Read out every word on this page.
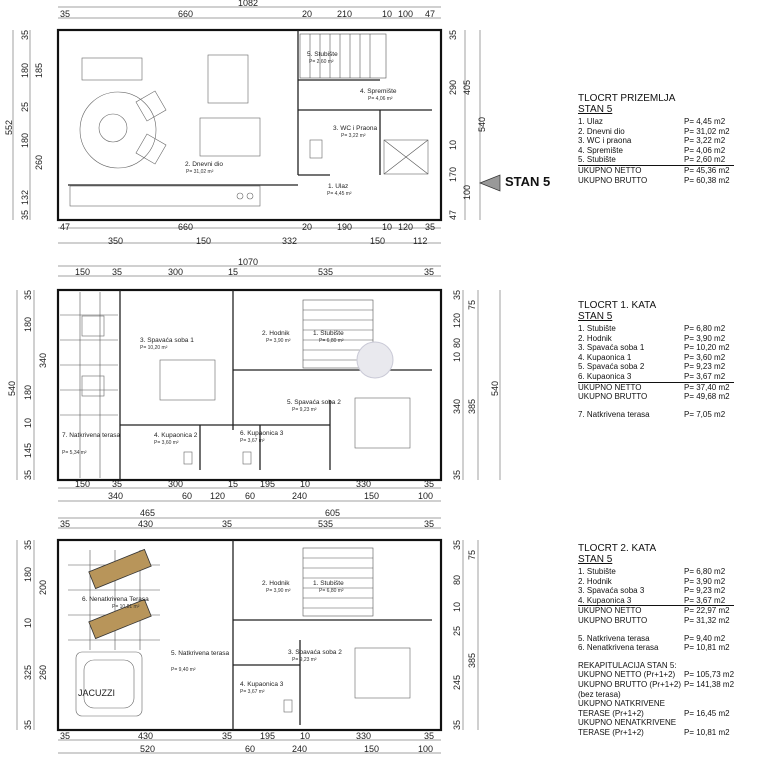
1082
35	660	20	210	10 100 47
47	660	20	190	10 120 35
350	150	332	150	112
35
180 185
25
180
260
132
35
552
35
290 405
10
170
100
47
540
5. Stubište
P= 2,60 m²
4. Spremište
P= 4,06 m²
3. WC i Praona
P= 3,22 m²
2. Dnevni dio
P= 31,02 m²
1. Ulaz
P= 4,45 m²
1070
150 35	300	15	535	35
150 35	300	15 195	10	330	35
340	60 120 60	240	150	100
35
180
340
180
10
145
35
540
35
75
120
80
10
340 385
35
540
3. Spavaća soba 1
P= 10,20 m²
2. Hodnik
P= 3,90 m²
1. Stubište
P= 6,80 m²
5. Spavaća soba 2
P= 9,23 m²
7. Natkrivena terasa
P= 5,34 m²
4. Kupaonica 2
P= 3,60 m²
6. Kupaonica 3
P= 3,67 m²
465	605
35	430	35	535	35
35	430	35	195	10	330	35
520	60	240	150	100
35
180
200
10
325 260
35
35
75
80
10
25
245
385
35
2. Hodnik
P= 3,90 m²
1. Stubište
P= 6,80 m²
6. Nenatkrivena Terasa
P= 10,81 m²
5. Natkrivena terasa
P= 9,40 m²
3. Spavaća soba 2
P= 9,23 m²
4. Kupaonica 3
P= 3,67 m²
JACUZZI
STAN 5
TLOCRT PRIZEMLJA
STAN 5
1. Ulaz	P= 4,45 m2
2. Dnevni dio	P= 31,02 m2
3. WC i praona	P= 3,22 m2
4. Spremište	P= 4,06 m2
5. Stubište	P= 2,60 m2
UKUPNO NETTO	P= 45,36 m2
UKUPNO BRUTTO	P= 60,38 m2
TLOCRT 1. KATA
STAN 5
1. Stubište	P= 6,80 m2
2. Hodnik	P= 3,90 m2
3. Spavaća soba 1	P= 10,20 m2
4. Kupaonica 1	P= 3,60 m2
5. Spavaća soba 2	P= 9,23 m2
6. Kupaonica 3	P= 3,67 m2
UKUPNO NETTO	P= 37,40 m2
UKUPNO BRUTTO	P= 49,68 m2
7. Natkrivena terasa	P= 7,05 m2
TLOCRT 2. KATA
STAN 5
1. Stubište	P= 6,80 m2
2. Hodnik	P= 3,90 m2
3. Spavaća soba 3	P= 9,23 m2
4. Kupaonica 3	P= 3,67 m2
UKUPNO NETTO	P= 22,97 m2
UKUPNO BRUTTO	P= 31,32 m2
5. Natkrivena terasa	P= 9,40 m2
6. Nenatkrivena terasa	P= 10,81 m2
REKAPITULACIJA STAN 5:
UKUPNO NETTO (Pr+1+2)	P= 105,73 m2
UKUPNO BRUTTO (Pr+1+2) P= 141,38 m2
(bez terasa)
UKUPNO NATKRIVENE
TERASE (Pr+1+2)	P= 16,45 m2
UKUPNO NENATKRIVENE
TERASE (Pr+1+2)	P= 10,81 m2
